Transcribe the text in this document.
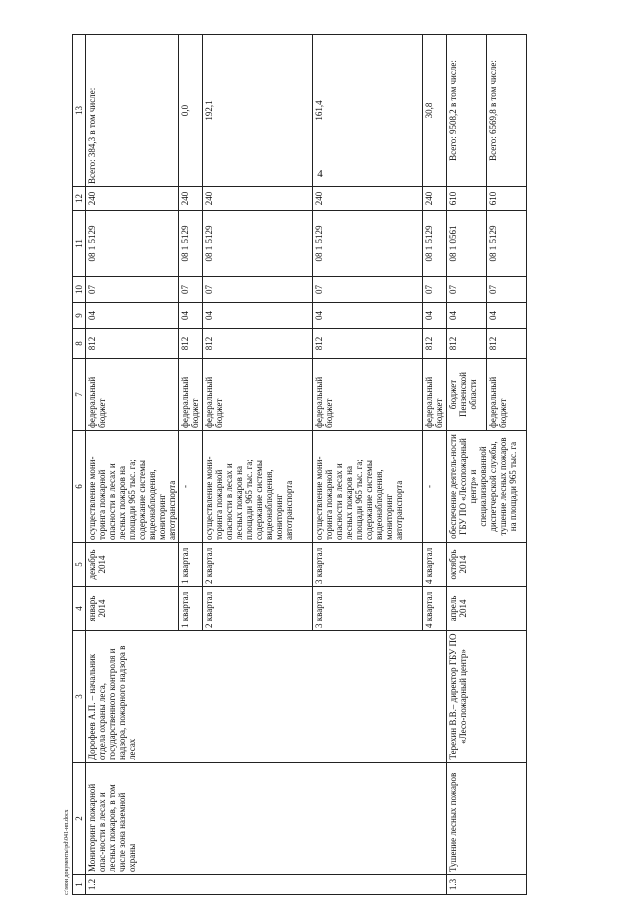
4
1	2	3	4	5	6	7	8	9	10	11	12	13
1.2	Мониторинг пожарной опас-ности в лесах и лесных пожаров, в том числе зона наземной охраны	Дорофеев А.П. – начальник отдела охраны леса, государственного контроля и надзора, пожарного надзора в лесах	январь 2014	декабрь 2014	осуществление мони-торинга пожарной опасности в лесах и лесных пожаров на площади 965 тыс. га; содержание системы видеонаблюдения, мониторинг автотранспорта	федеральный бюджет	812	04	07	08 1 5129	240	Всего: 384,3 в том числе:
			1 квартал	1 квартал	-	федеральный бюджет	812	04	07	08 1 5129	240	0,0
			2 квартал	2 квартал	осуществление мони-торинга пожарной опасности в лесах и лесных пожаров на площади 965 тыс. га; содержание системы видеонаблюдения, мониторинг автотранспорта	федеральный бюджет	812	04	07	08 1 5129	240	192,1
			3 квартал	3 квартал	осуществление мони-торинга пожарной опасности в лесах и лесных пожаров на площади 965 тыс. га; содержание системы видеонаблюдения, мониторинг автотранспорта	федеральный бюджет	812	04	07	08 1 5129	240	161,4
			4 квартал	4 квартал	-	федеральный бюджет	812	04	07	08 1 5129	240	30,8
1.3	Тушение лесных пожаров	Терехин В.В.– директор ГБУ ПО «Лесо-пожарный центр»	апрель 2014	октябрь 2014	обеспечение деятель-ности ГБУ ПО «Лесопожарный центр» и специализированной диспетчерской службы, тушение лесных пожаров на площади 965 тыс. га	бюджет Пензенской области	812	04	07	08 1 0561	610	Всего: 9508,2 в том числе:
						федеральный бюджет	812	04	07	08 1 5129	610	Всего: 6569,8 в том числе:
c:\мои документы\pd\041-нп.docx
